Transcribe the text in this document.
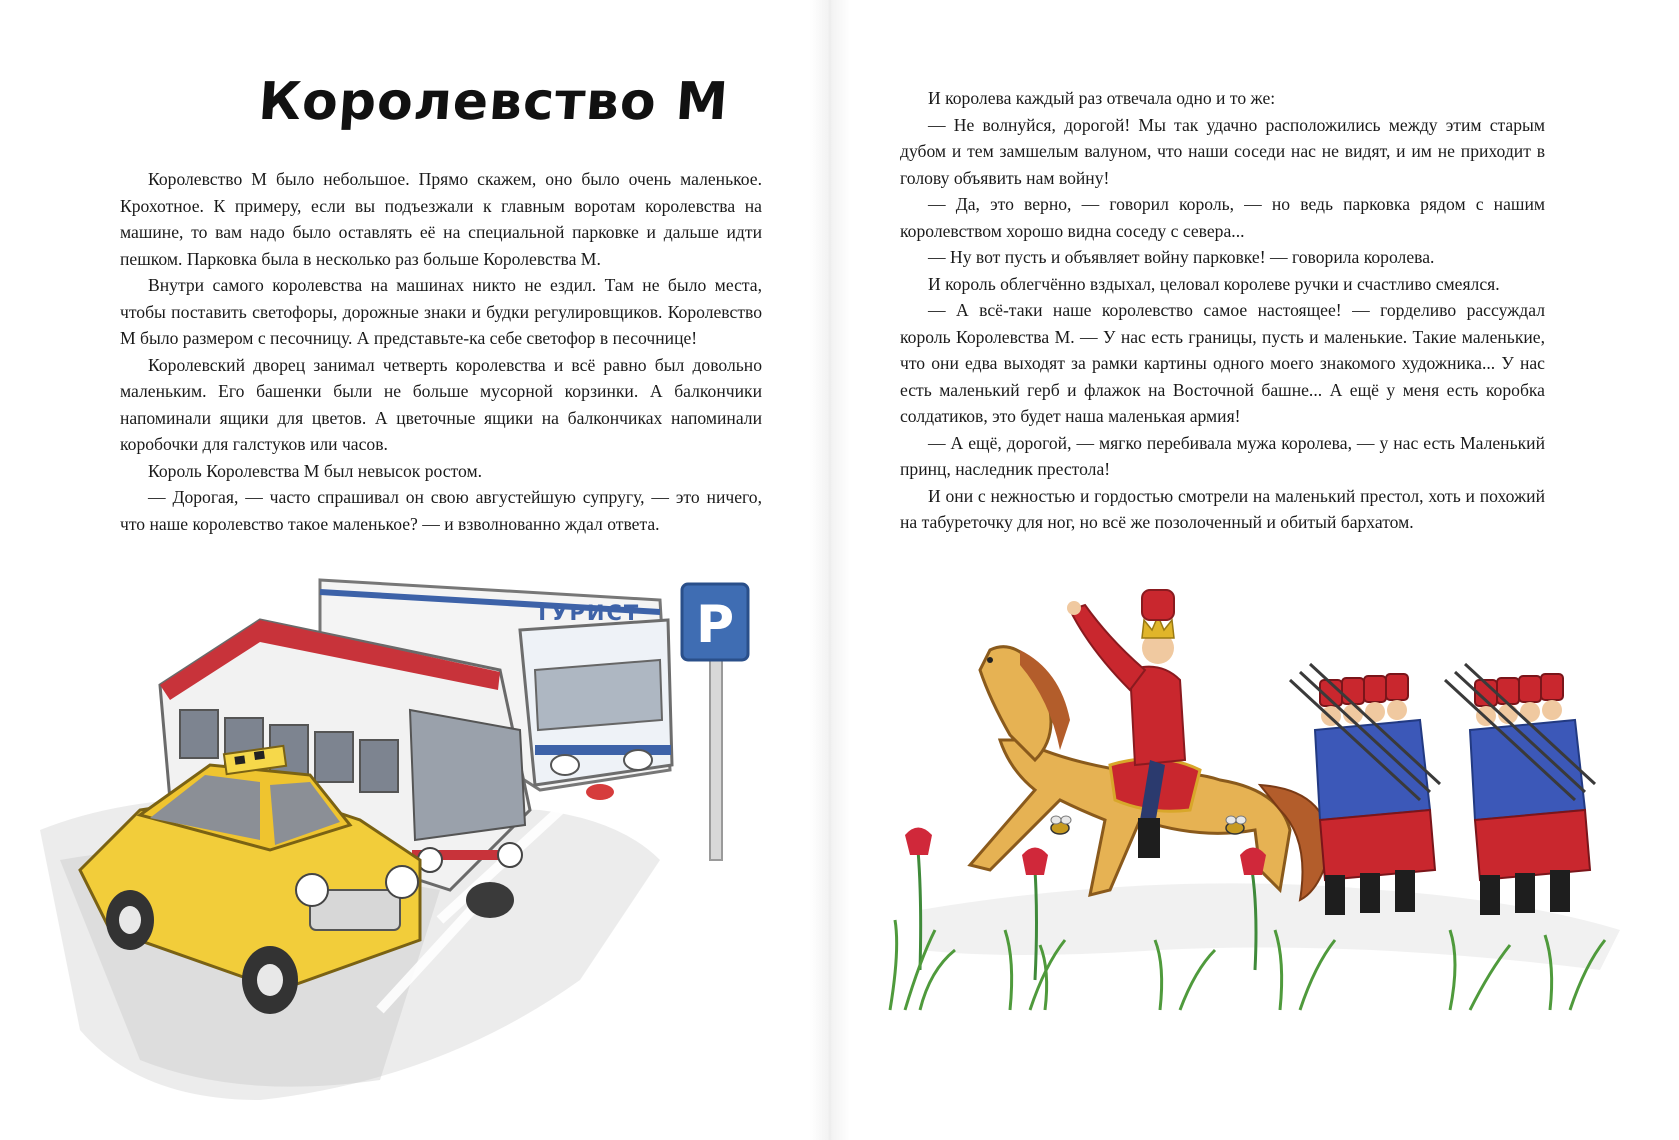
Королевство М

Королевство М было небольшое. Прямо скажем, оно было очень маленькое. Крохотное. К примеру, если вы подъезжали к главным воротам королевства на машине, то вам надо было оставлять её на специальной парковке и дальше идти пешком. Парковка была в несколько раз больше Королевства М.

Внутри самого королевства на машинах никто не ездил. Там не было места, чтобы поставить светофоры, дорожные знаки и будки регулировщиков. Королевство М было размером с песочницу. А представьте-ка себе светофор в песочнице!

Королевский дворец занимал четверть королевства и всё равно был довольно маленьким. Его башенки были не больше мусорной корзинки. А балкончики напоминали ящики для цветов. А цветочные ящики на балкончиках напоминали коробочки для галстуков или часов.

Король Королевства М был невысок ростом.

— Дорогая, — часто спрашивал он свою августейшую супругу, — это ничего, что наше королевство такое маленькое? — и взволнованно ждал ответа.

P
ТУРИСТ

И королева каждый раз отвечала одно и то же:

— Не волнуйся, дорогой! Мы так удачно расположились между этим старым дубом и тем замшелым валуном, что наши соседи нас не видят, и им не приходит в голову объявить нам войну!

— Да, это верно, — говорил король, — но ведь парковка рядом с нашим королевством хорошо видна соседу с севера...

— Ну вот пусть и объявляет войну парковке! — говорила королева.

И король облегчённо вздыхал, целовал королеве ручки и счастливо смеялся.

— А всё-таки наше королевство самое настоящее! — горделиво рассуждал король Королевства М. — У нас есть границы, пусть и маленькие. Такие маленькие, что они едва выходят за рамки картины одного моего знакомого художника... У нас есть маленький герб и флажок на Восточной башне... А ещё у меня есть коробка солдатиков, это будет наша маленькая армия!

— А ещё, дорогой, — мягко перебивала мужа королева, — у нас есть Маленький принц, наследник престола!

И они с нежностью и гордостью смотрели на маленький престол, хоть и похожий на табуреточку для ног, но всё же позолоченный и обитый бархатом.
